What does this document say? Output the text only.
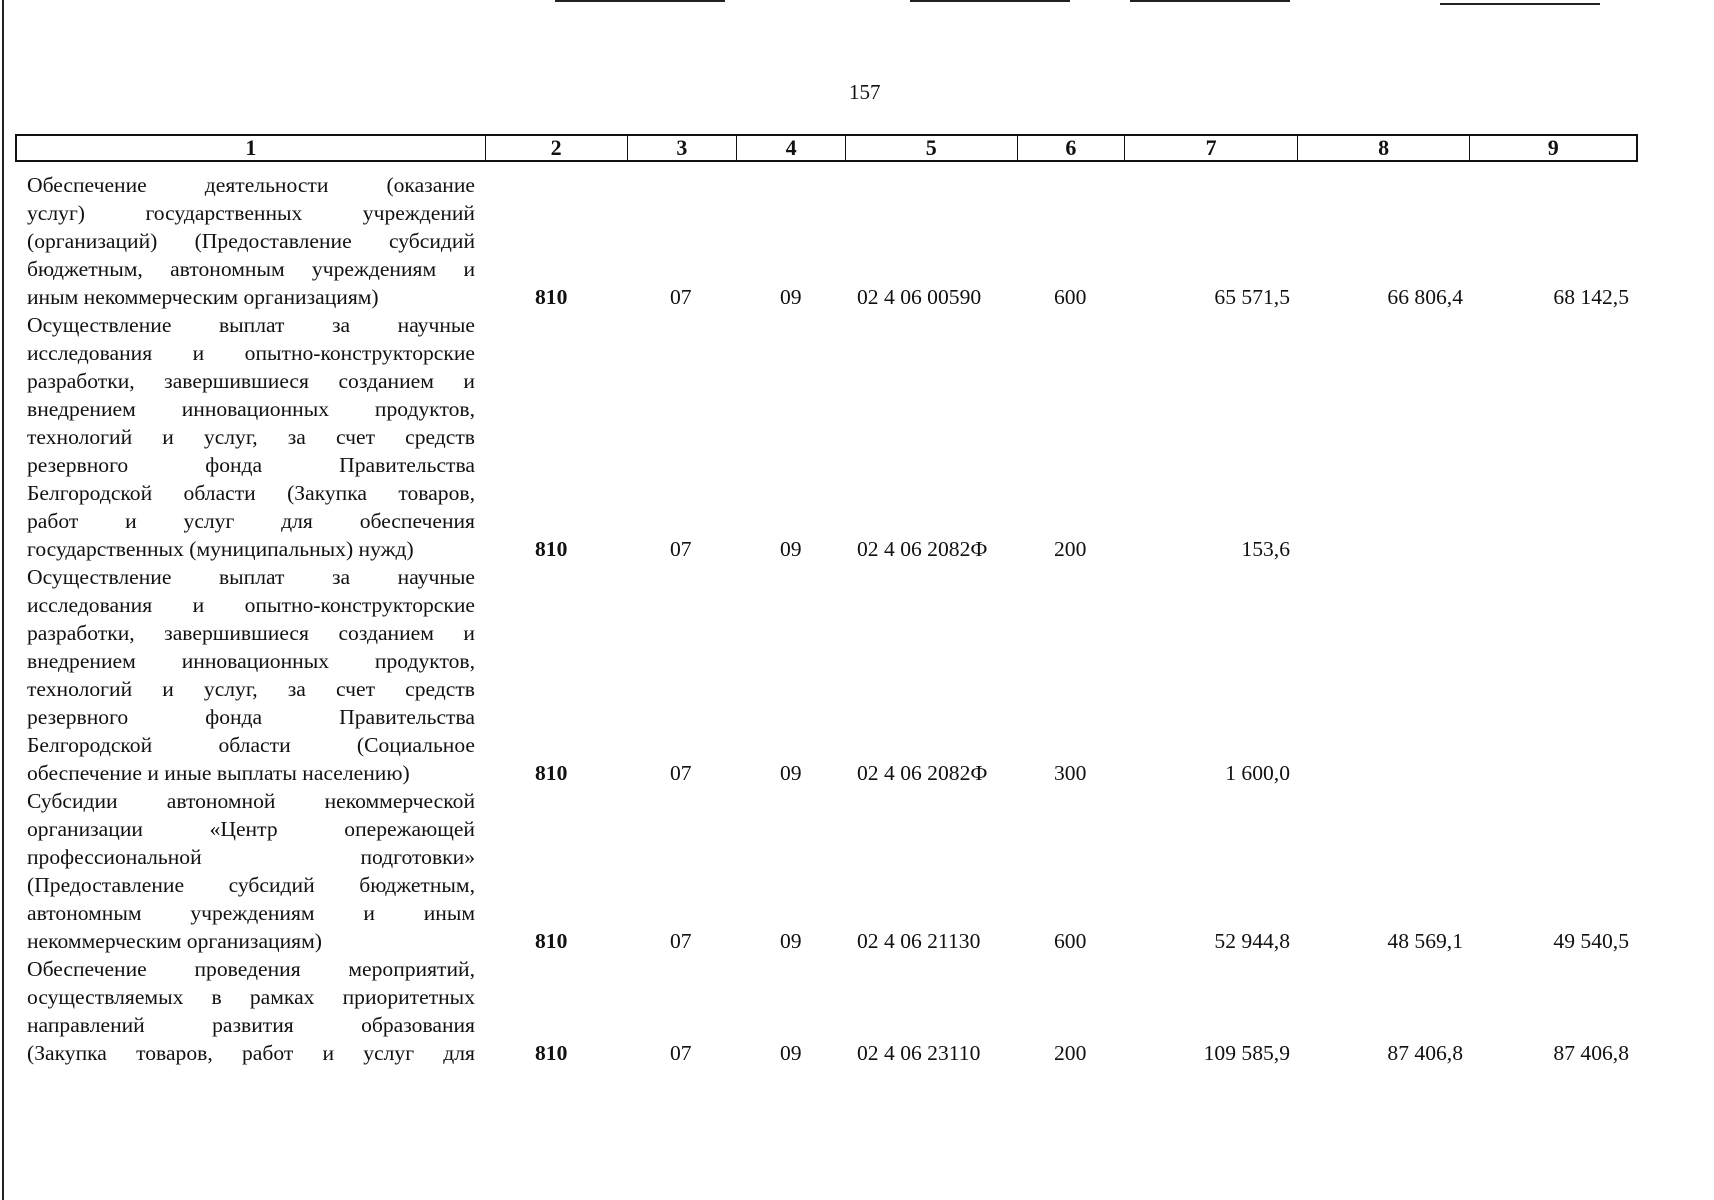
157
1	2	3	4	5	6	7	8	9
Обеспечение деятельности (оказание
услуг) государственных учреждений
(организаций) (Предоставление субсидий
бюджетным, автономным учреждениям и
иным некоммерческим организациям)	810	07	09	02 4 06 00590	600	65 571,5	66 806,4	68 142,5
Осуществление выплат за научные
исследования и опытно-конструкторские
разработки, завершившиеся созданием и
внедрением инновационных продуктов,
технологий и услуг, за счет средств
резервного фонда Правительства
Белгородской области (Закупка товаров,
работ и услуг для обеспечения
государственных (муниципальных) нужд)	810	07	09	02 4 06 2082Ф	200	153,6
Осуществление выплат за научные
исследования и опытно-конструкторские
разработки, завершившиеся созданием и
внедрением инновационных продуктов,
технологий и услуг, за счет средств
резервного фонда Правительства
Белгородской области (Социальное
обеспечение и иные выплаты населению)	810	07	09	02 4 06 2082Ф	300	1 600,0
Субсидии автономной некоммерческой
организации «Центр опережающей
профессиональной подготовки»
(Предоставление субсидий бюджетным,
автономным учреждениям и иным
некоммерческим организациям)	810	07	09	02 4 06 21130	600	52 944,8	48 569,1	49 540,5
Обеспечение проведения мероприятий,
осуществляемых в рамках приоритетных
направлений развития образования
(Закупка товаров, работ и услуг для	810	07	09	02 4 06 23110	200	109 585,9	87 406,8	87 406,8
